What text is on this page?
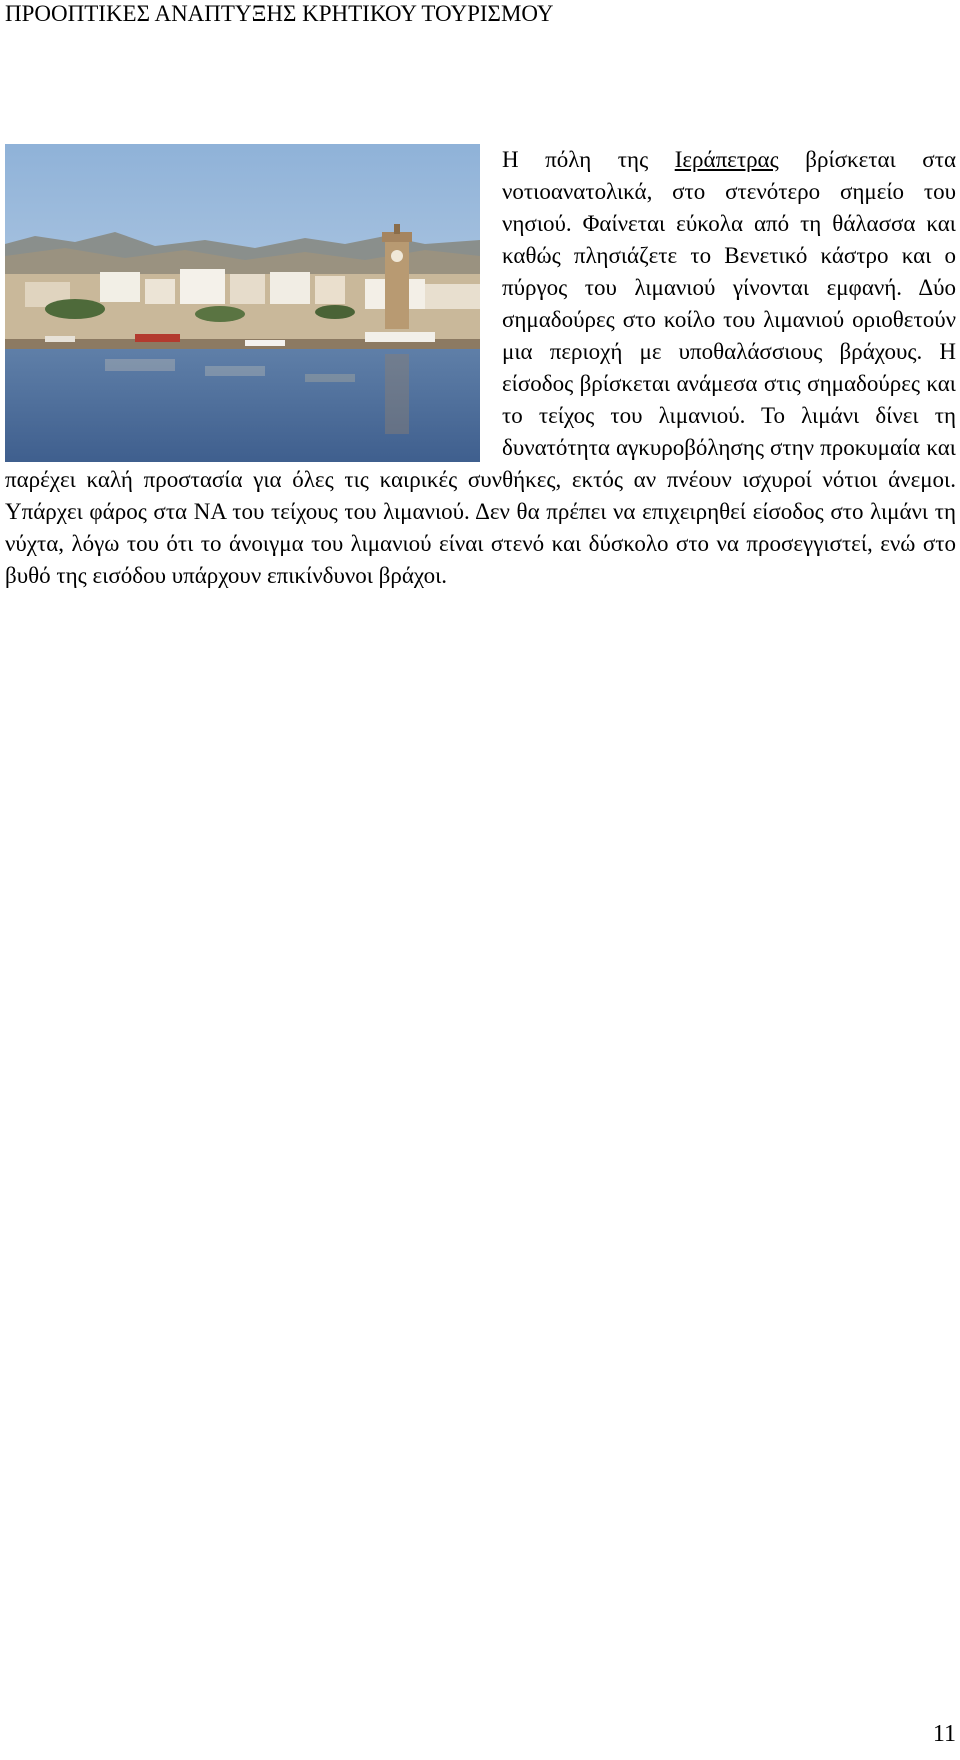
ΠΡΟΟΠΤΙΚΕΣ ΑΝΑΠΤΥΞΗΣ ΚΡΗΤΙΚΟΥ ΤΟΥΡΙΣΜΟΥ
Η πόλη της Ιεράπετρας βρίσκεται στα νοτιοανατολικά, στο στενότερο σημείο του νησιού. Φαίνεται εύκολα από τη θάλασσα και καθώς πλησιάζετε το Βενετικό κάστρο και ο πύργος του λιμανιού γίνονται εμφανή. Δύο σημαδούρες στο κοίλο του λιμανιού οριοθετούν μια περιοχή με υποθαλάσσιους βράχους. Η είσοδος βρίσκεται ανάμεσα στις σημαδούρες και το τείχος του λιμανιού. Το λιμάνι δίνει τη δυνατότητα αγκυροβόλησης στην προκυμαία και παρέχει καλή προστασία για όλες τις καιρικές συνθήκες, εκτός αν πνέουν ισχυροί νότιοι άνεμοι. Υπάρχει φάρος στα ΝΑ του τείχους του λιμανιού. Δεν θα πρέπει να επιχειρηθεί είσοδος στο λιμάνι τη νύχτα, λόγω του ότι το άνοιγμα του λιμανιού είναι στενό και δύσκολο στο να προσεγγιστεί, ενώ στο βυθό της εισόδου υπάρχουν επικίνδυνοι βράχοι.
11
